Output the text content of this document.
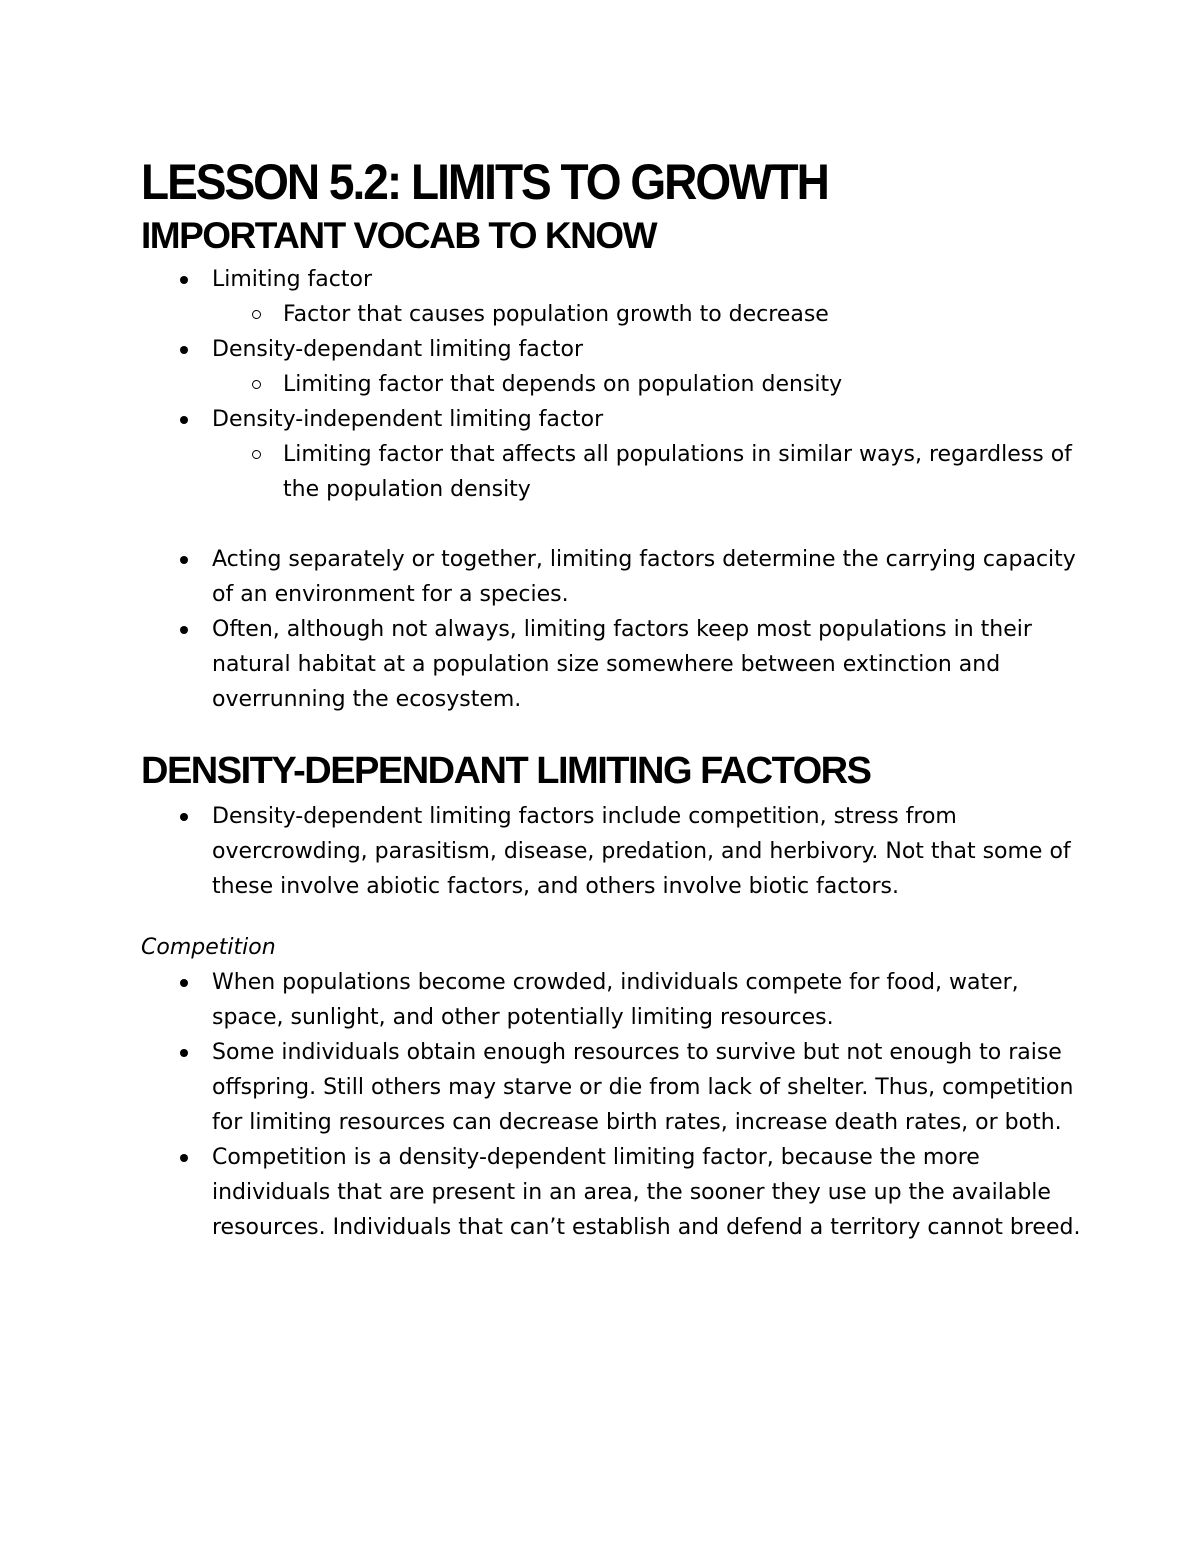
LESSON 5.2: LIMITS TO GROWTH
IMPORTANT VOCAB TO KNOW
Limiting factor
Factor that causes population growth to decrease
Density-dependant limiting factor
Limiting factor that depends on population density
Density-independent limiting factor
Limiting factor that affects all populations in similar ways, regardless of the population density
Acting separately or together, limiting factors determine the carrying capacity of an environment for a species.
Often, although not always, limiting factors keep most populations in their natural habitat at a population size somewhere between extinction and overrunning the ecosystem.
DENSITY-DEPENDANT LIMITING FACTORS
Density-dependent limiting factors include competition, stress from overcrowding, parasitism, disease, predation, and herbivory. Not that some of these involve abiotic factors, and others involve biotic factors.

Competition

When populations become crowded, individuals compete for food, water, space, sunlight, and other potentially limiting resources.
Some individuals obtain enough resources to survive but not enough to raise offspring. Still others may starve or die from lack of shelter. Thus, competition for limiting resources can decrease birth rates, increase death rates, or both.
Competition is a density-dependent limiting factor, because the more individuals that are present in an area, the sooner they use up the available resources. Individuals that can’t establish and defend a territory cannot breed.
